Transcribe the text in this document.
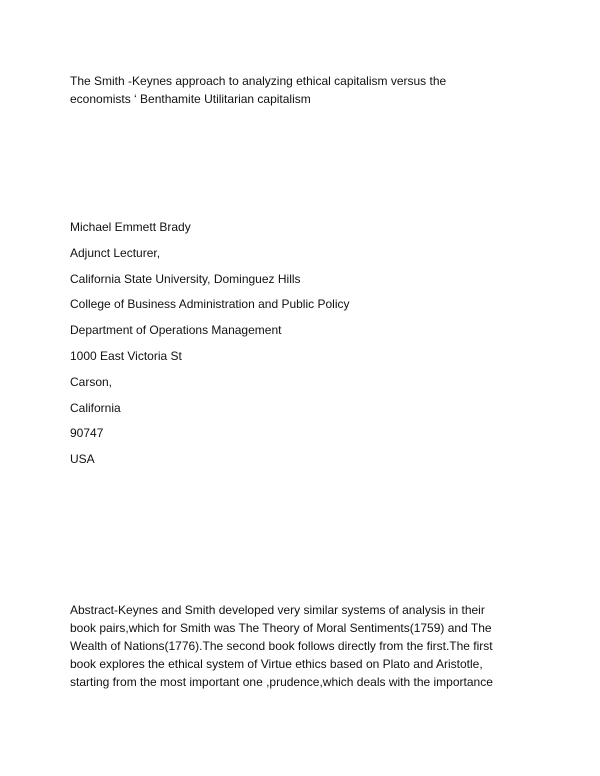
The Smith -Keynes approach to analyzing ethical capitalism versus the
economists ‘ Benthamite Utilitarian capitalism
Michael Emmett Brady
Adjunct Lecturer,
California State University, Dominguez Hills
College of Business Administration and Public Policy
Department of Operations Management
1000 East Victoria St
Carson,
California
90747
USA

Abstract-Keynes and Smith developed very similar systems of analysis in their
book pairs,which for Smith was The Theory of Moral Sentiments(1759) and The
Wealth of Nations(1776).The second book follows directly from the first.The first
book explores the ethical system of Virtue ethics based on Plato and Aristotle,
starting from the most important one ,prudence,which deals with the importance
